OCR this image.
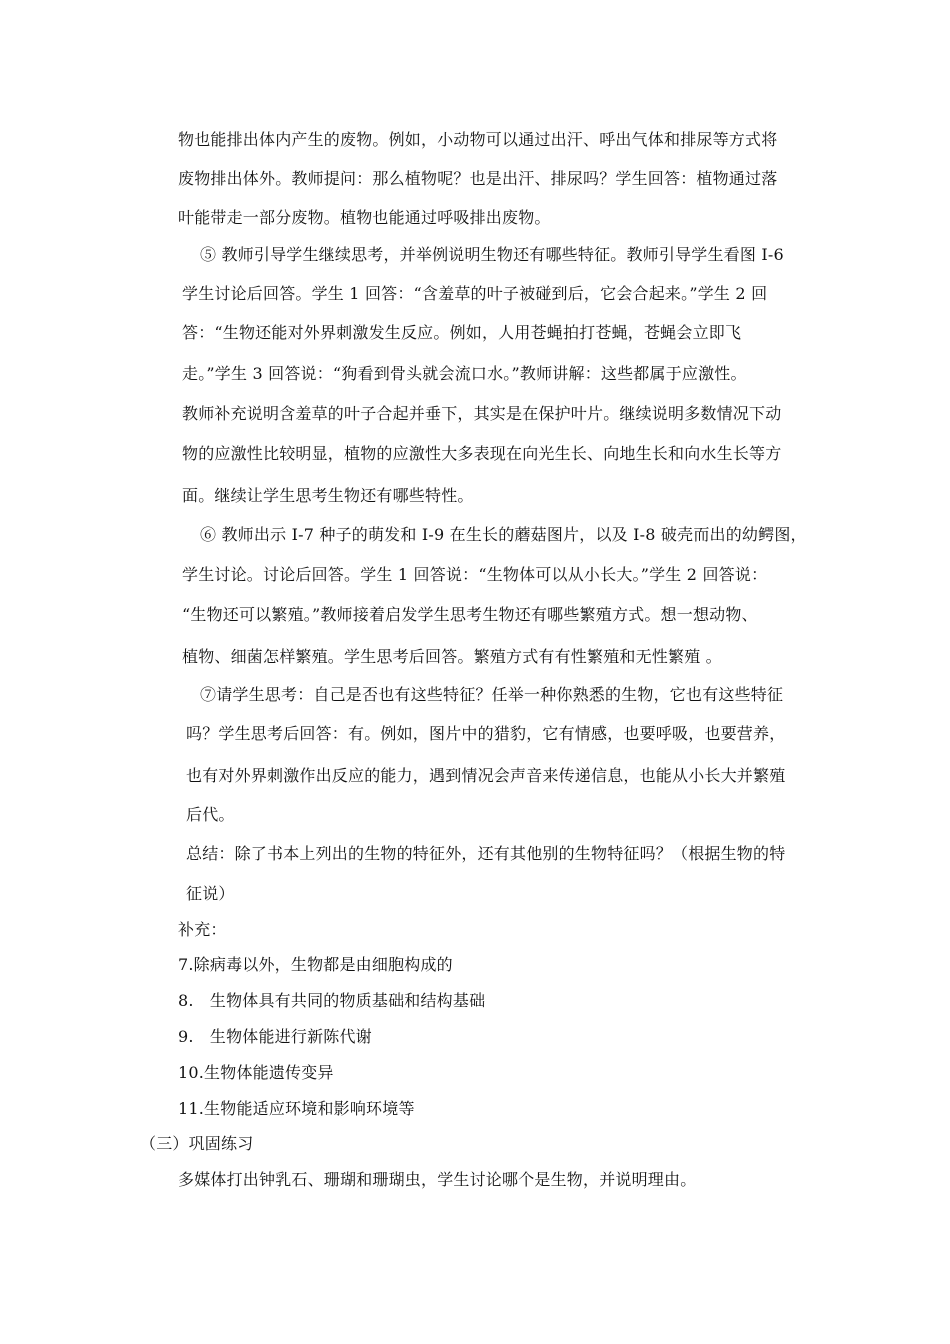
物也能排出体内产生的废物。例如，小动物可以通过出汗、呼出气体和排尿等方式将
废物排出体外。教师提问：那么植物呢？也是出汗、排尿吗？学生回答：植物通过落
叶能带走一部分废物。植物也能通过呼吸排出废物。
⑤ 教师引导学生继续思考，并举例说明生物还有哪些特征。教师引导学生看图 I-6
学生讨论后回答。学生 1 回答：“含羞草的叶子被碰到后，它会合起来。”学生 2 回
答：“生物还能对外界刺激发生反应。例如，人用苍蝇拍打苍蝇，苍蝇会立即飞
走。”学生 3 回答说：“狗看到骨头就会流口水。”教师讲解：这些都属于应激性。
教师补充说明含羞草的叶子合起并垂下，其实是在保护叶片。继续说明多数情况下动
物的应激性比较明显，植物的应激性大多表现在向光生长、向地生长和向水生长等方
面。继续让学生思考生物还有哪些特性。
⑥ 教师出示 I-7 种子的萌发和 I-9 在生长的蘑菇图片，以及 I-8 破壳而出的幼鳄图，
学生讨论。讨论后回答。学生 1 回答说：“生物体可以从小长大。”学生 2 回答说：
“生物还可以繁殖。”教师接着启发学生思考生物还有哪些繁殖方式。想一想动物、
植物、细菌怎样繁殖。学生思考后回答。繁殖方式有有性繁殖和无性繁殖 。
⑦请学生思考：自己是否也有这些特征？任举一种你熟悉的生物，它也有这些特征
吗？学生思考后回答：有。例如，图片中的猎豹，它有情感，也要呼吸，也要营养，
也有对外界刺激作出反应的能力，遇到情况会声音来传递信息，也能从小长大并繁殖
后代。
总结：除了书本上列出的生物的特征外，还有其他别的生物特征吗？（根据生物的特
征说）
补充：
7.除病毒以外，生物都是由细胞构成的
8.　生物体具有共同的物质基础和结构基础
9.　生物体能进行新陈代谢
10.生物体能遗传变异
11.生物能适应环境和影响环境等
（三）巩固练习
多媒体打出钟乳石、珊瑚和珊瑚虫，学生讨论哪个是生物，并说明理由。
